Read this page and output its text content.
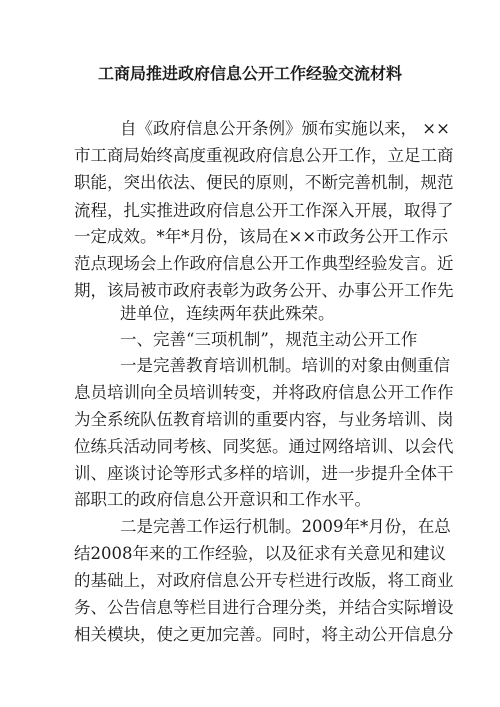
工商局推进政府信息公开工作经验交流材料
自《政府信息公开条例》颁布实施以来， ××
市工商局始终高度重视政府信息公开工作，立足工商
职能，突出依法、便民的原则，不断完善机制，规范
流程，扎实推进政府信息公开工作深入开展，取得了
一定成效。*年*月份，该局在××市政务公开工作示
范点现场会上作政府信息公开工作典型经验发言。近
期，该局被市政府表彰为政务公开、办事公开工作先
进单位，连续两年获此殊荣。
一、完善“三项机制”，规范主动公开工作
一是完善教育培训机制。培训的对象由侧重信
息员培训向全员培训转变，并将政府信息公开工作作
为全系统队伍教育培训的重要内容，与业务培训、岗
位练兵活动同考核、同奖惩。通过网络培训、以会代
训、座谈讨论等形式多样的培训，进一步提升全体干
部职工的政府信息公开意识和工作水平。
二是完善工作运行机制。2009年*月份，在总
结2008年来的工作经验，以及征求有关意见和建议
的基础上，对政府信息公开专栏进行改版，将工商业
务、公告信息等栏目进行合理分类，并结合实际增设
相关模块，使之更加完善。同时，将主动公开信息分
